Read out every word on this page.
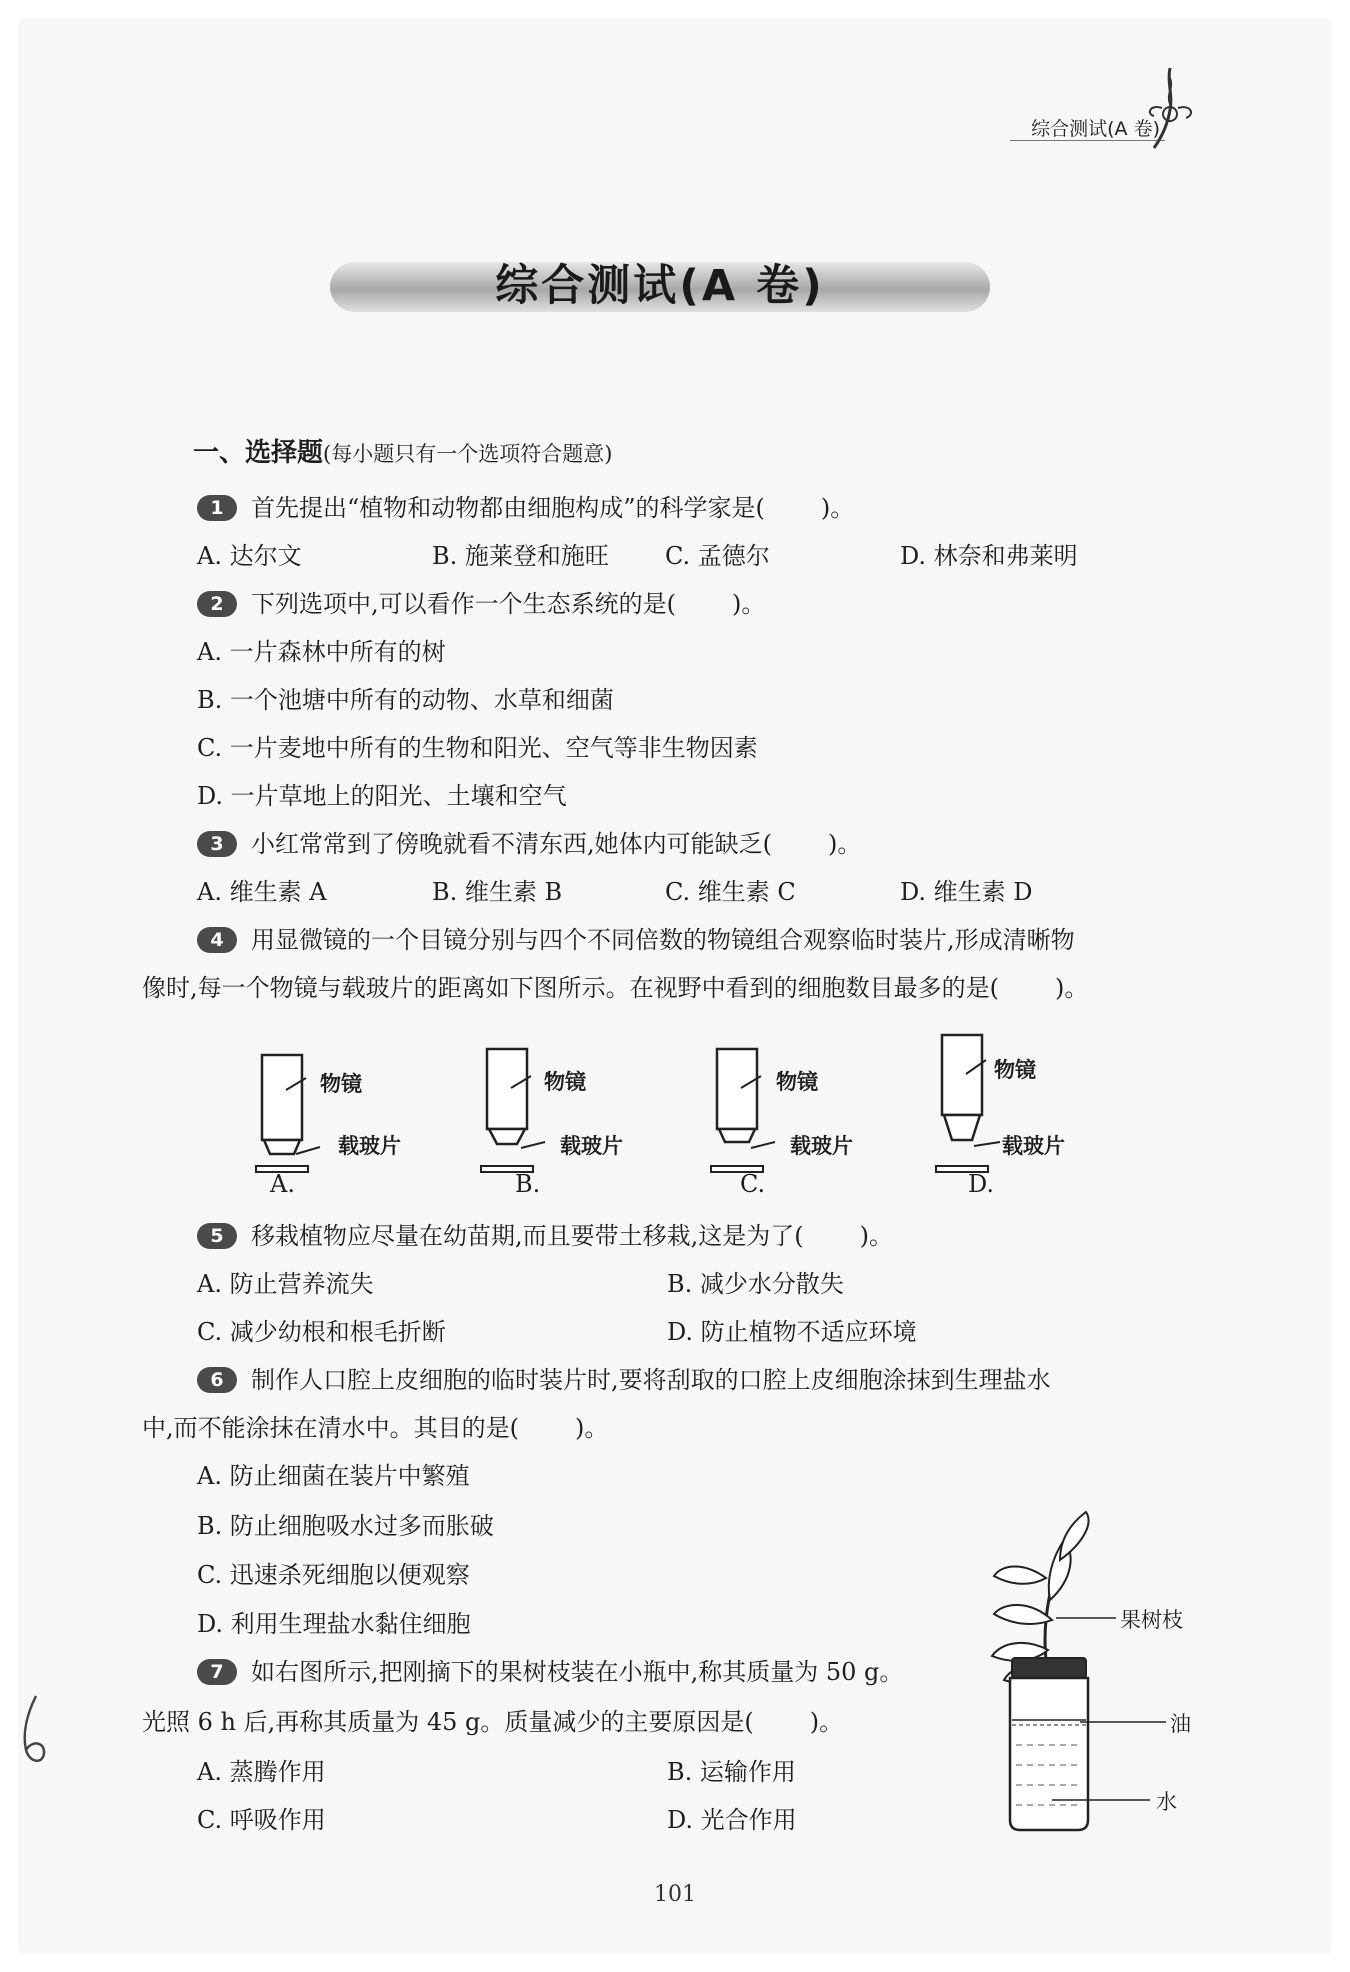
综合测试(A 卷)
综合测试(A 卷)
一、选择题(每小题只有一个选项符合题意)
1 首先提出“植物和动物都由细胞构成”的科学家是( )。
A. 达尔文	B. 施莱登和施旺 C. 孟德尔	D. 林奈和弗莱明
2 下列选项中,可以看作一个生态系统的是( )。
A. 一片森林中所有的树
B. 一个池塘中所有的动物、水草和细菌
C. 一片麦地中所有的生物和阳光、空气等非生物因素
D. 一片草地上的阳光、土壤和空气
3 小红常常到了傍晚就看不清东西,她体内可能缺乏( )。
A. 维生素 A	B. 维生素 B	C. 维生素 C	D. 维生素 D
4 用显微镜的一个目镜分别与四个不同倍数的物镜组合观察临时装片,形成清晰物
像时,每一个物镜与载玻片的距离如下图所示。在视野中看到的细胞数目最多的是( )。
物镜
载玻片
A.
物镜
载玻片
B.
物镜
载玻片
C.
物镜
载玻片
D.
5 移栽植物应尽量在幼苗期,而且要带土移栽,这是为了( )。
A. 防止营养流失	B. 减少水分散失
C. 减少幼根和根毛折断	D. 防止植物不适应环境
6 制作人口腔上皮细胞的临时装片时,要将刮取的口腔上皮细胞涂抹到生理盐水
中,而不能涂抹在清水中。其目的是( )。
A. 防止细菌在装片中繁殖
B. 防止细胞吸水过多而胀破
C. 迅速杀死细胞以便观察
D. 利用生理盐水黏住细胞
7 如右图所示,把刚摘下的果树枝装在小瓶中,称其质量为 50 g。
光照 6 h 后,再称其质量为 45 g。质量减少的主要原因是( )。
A. 蒸腾作用	B. 运输作用
C. 呼吸作用	D. 光合作用
果树枝
油
水
101
